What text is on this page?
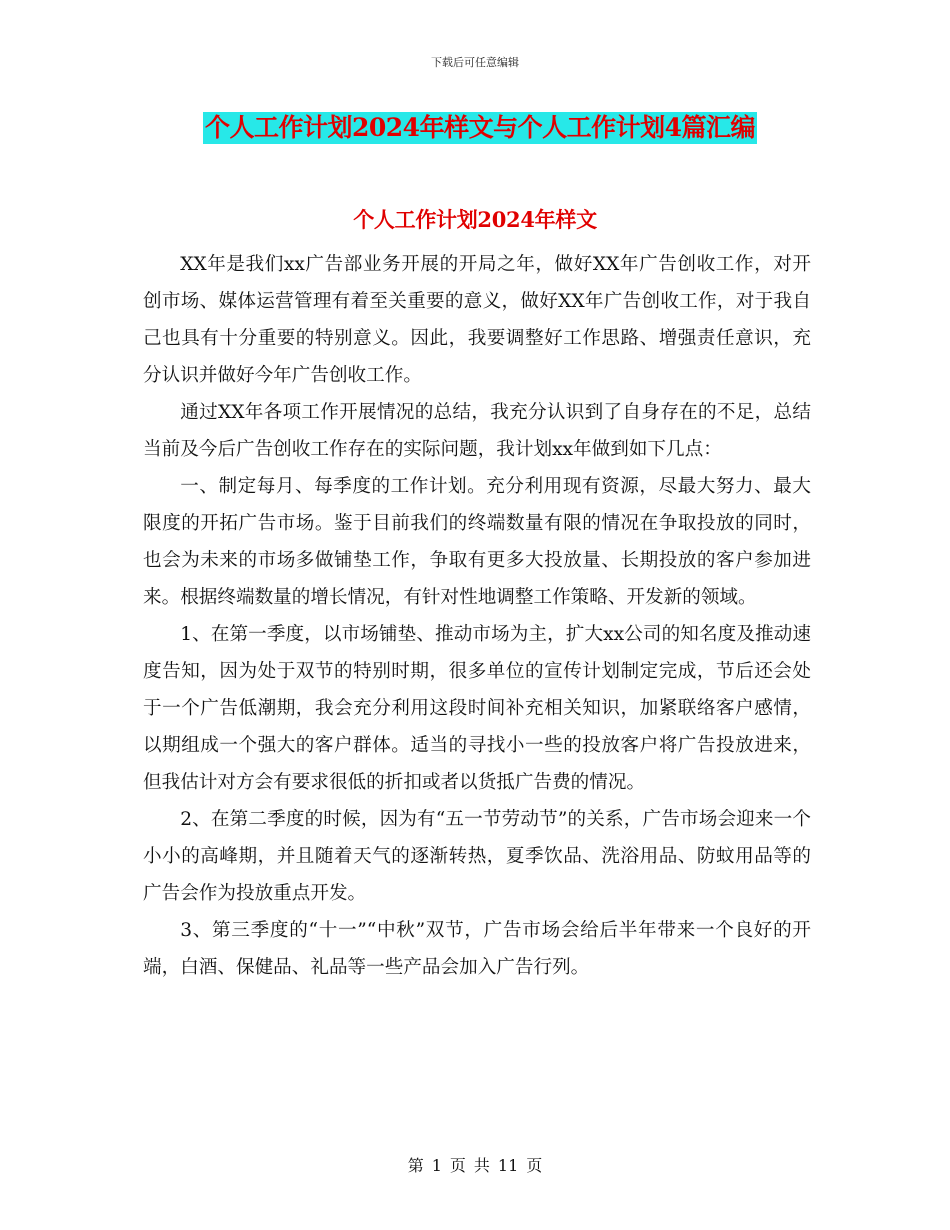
下载后可任意编辑
个人工作计划2024年样文与个人工作计划4篇汇编
个人工作计划2024年样文

XX年是我们xx广告部业务开展的开局之年，做好XX年广告创收工作，对开创市场、媒体运营管理有着至关重要的意义，做好XX年广告创收工作，对于我自己也具有十分重要的特别意义。因此，我要调整好工作思路、增强责任意识，充分认识并做好今年广告创收工作。

通过XX年各项工作开展情况的总结，我充分认识到了自身存在的不足，总结当前及今后广告创收工作存在的实际问题，我计划xx年做到如下几点：

一、制定每月、每季度的工作计划。充分利用现有资源，尽最大努力、最大限度的开拓广告市场。鉴于目前我们的终端数量有限的情况在争取投放的同时，也会为未来的市场多做铺垫工作，争取有更多大投放量、长期投放的客户参加进来。根据终端数量的增长情况，有针对性地调整工作策略、开发新的领域。

1、在第一季度，以市场铺垫、推动市场为主，扩大xx公司的知名度及推动速度告知，因为处于双节的特别时期，很多单位的宣传计划制定完成，节后还会处于一个广告低潮期，我会充分利用这段时间补充相关知识，加紧联络客户感情，以期组成一个强大的客户群体。适当的寻找小一些的投放客户将广告投放进来，但我估计对方会有要求很低的折扣或者以货抵广告费的情况。

2、在第二季度的时候，因为有“五一节劳动节”的关系，广告市场会迎来一个小小的高峰期，并且随着天气的逐渐转热，夏季饮品、洗浴用品、防蚊用品等的广告会作为投放重点开发。

3、第三季度的“十一”“中秋”双节，广告市场会给后半年带来一个良好的开端，白酒、保健品、礼品等一些产品会加入广告行列。

第 1 页 共 11 页
